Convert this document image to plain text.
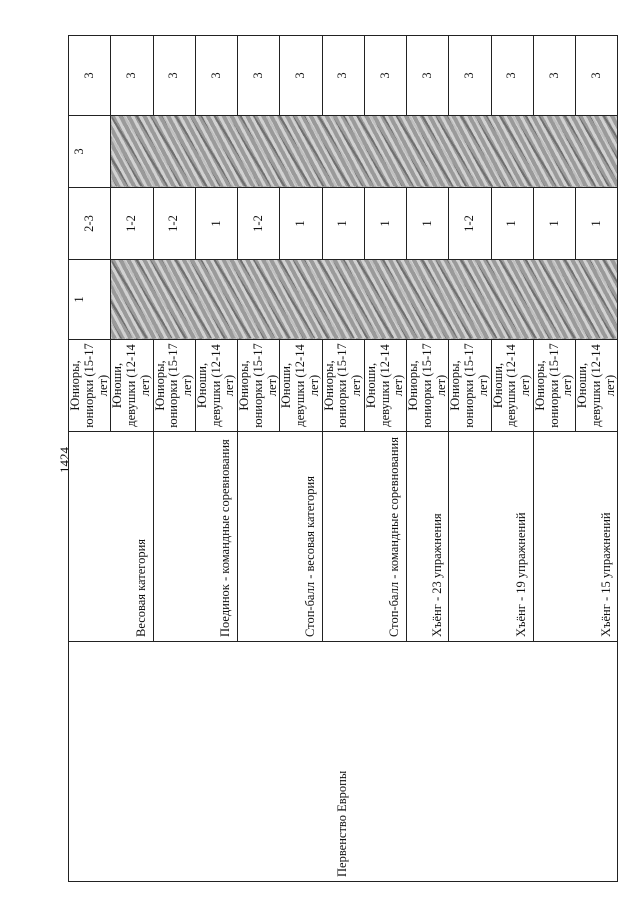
1424
Первенство Европы	Весовая категория	Юниоры, юниорки (15-17 лет)	1	2-3	3	3
		Юноши, девушки (12-14 лет)		1-2		3
	Поединок - командные соревнования	Юниоры, юниорки (15-17 лет)		1-2		3
		Юноши, девушки (12-14 лет)		1		3
	Стоп-балл - весовая категория	Юниоры, юниорки (15-17 лет)		1-2		3
		Юноши, девушки (12-14 лет)		1		3
	Стоп-балл - командные соревнования	Юниоры, юниорки (15-17 лет)		1		3
		Юноши, девушки (12-14 лет)		1		3
	Хъёнг - 23 упражнения	Юниоры, юниорки (15-17 лет)		1		3
	Хъёнг - 19 упражнений	Юниоры, юниорки (15-17 лет)		1-2		3
		Юноши, девушки (12-14 лет)		1		3
	Хъёнг - 15 упражнений	Юниоры, юниорки (15-17 лет)		1		3
		Юноши, девушки (12-14 лет)		1		3
